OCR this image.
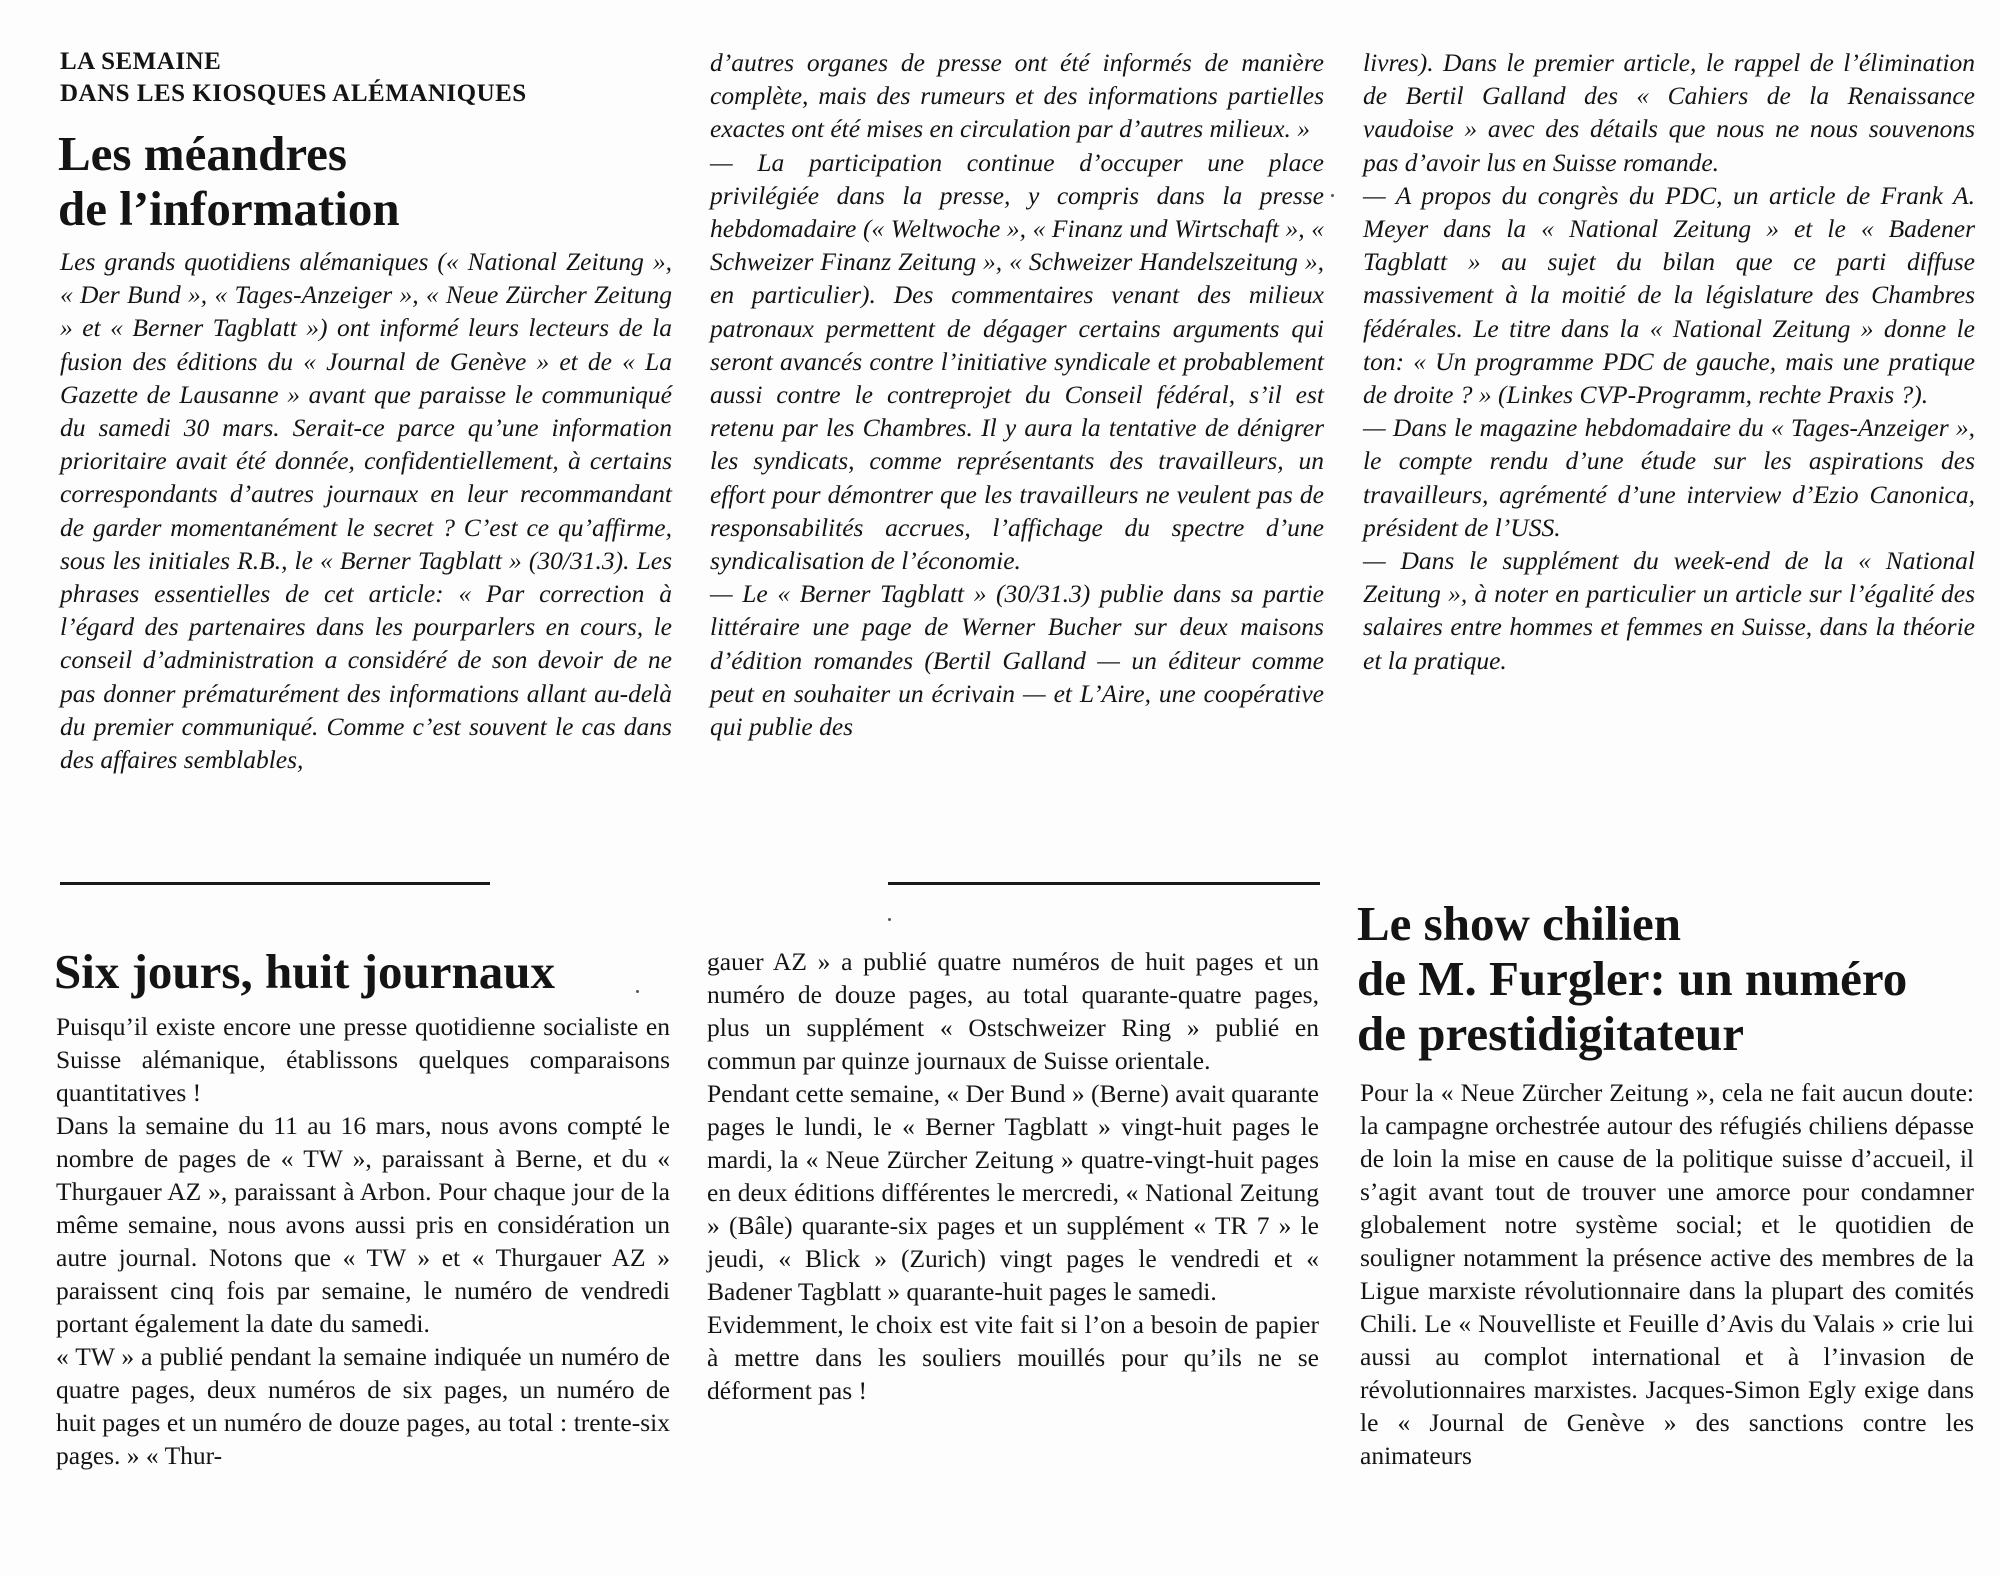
LA SEMAINE
DANS LES KIOSQUES ALÉMANIQUES
Les méandres
de l’information

Les grands quotidiens alémaniques (« National Zeitung », « Der Bund », « Tages-Anzeiger », « Neue Zürcher Zeitung » et « Berner Tagblatt ») ont informé leurs lecteurs de la fusion des éditions du « Journal de Genève » et de « La Gazette de Lausanne » avant que paraisse le communiqué du samedi 30 mars. Serait-ce parce qu’une information prioritaire avait été donnée, confidentiellement, à certains correspondants d’autres journaux en leur recommandant de garder momentanément le secret ? C’est ce qu’affirme, sous les initiales R.B., le « Berner Tagblatt » (30/31.3). Les phrases essentielles de cet article: « Par correction à l’égard des partenaires dans les pourparlers en cours, le conseil d’administration a considéré de son devoir de ne pas donner prématurément des informations allant au-delà du premier communiqué. Comme c’est souvent le cas dans des affaires semblables,

d’autres organes de presse ont été informés de manière complète, mais des rumeurs et des informations partielles exactes ont été mises en circulation par d’autres milieux. »

— La participation continue d’occuper une place privilégiée dans la presse, y compris dans la presse hebdomadaire (« Weltwoche », « Finanz und Wirtschaft », « Schweizer Finanz Zeitung », « Schweizer Handelszeitung », en particulier). Des commentaires venant des milieux patronaux permettent de dégager certains arguments qui seront avancés contre l’initiative syndicale et probablement aussi contre le contreprojet du Conseil fédéral, s’il est retenu par les Chambres. Il y aura la tentative de dénigrer les syndicats, comme représentants des travailleurs, un effort pour démontrer que les travailleurs ne veulent pas de responsabilités accrues, l’affichage du spectre d’une syndicalisation de l’économie.

— Le « Berner Tagblatt » (30/31.3) publie dans sa partie littéraire une page de Werner Bucher sur deux maisons d’édition romandes (Bertil Galland — un éditeur comme peut en souhaiter un écrivain — et L’Aire, une coopérative qui publie des

livres). Dans le premier article, le rappel de l’élimination de Bertil Galland des « Cahiers de la Renaissance vaudoise » avec des détails que nous ne nous souvenons pas d’avoir lus en Suisse romande.

— A propos du congrès du PDC, un article de Frank A. Meyer dans la « National Zeitung » et le « Badener Tagblatt » au sujet du bilan que ce parti diffuse massivement à la moitié de la législature des Chambres fédérales. Le titre dans la « National Zeitung » donne le ton: « Un programme PDC de gauche, mais une pratique de droite ? » (Linkes CVP-Programm, rechte Praxis ?).

— Dans le magazine hebdomadaire du « Tages-Anzeiger », le compte rendu d’une étude sur les aspirations des travailleurs, agrémenté d’une interview d’Ezio Canonica, président de l’USS.

— Dans le supplément du week-end de la « National Zeitung », à noter en particulier un article sur l’égalité des salaires entre hommes et femmes en Suisse, dans la théorie et la pratique.

Six jours, huit journaux

Puisqu’il existe encore une presse quotidienne socialiste en Suisse alémanique, établissons quelques comparaisons quantitatives !

Dans la semaine du 11 au 16 mars, nous avons compté le nombre de pages de « TW », paraissant à Berne, et du « Thurgauer AZ », paraissant à Arbon. Pour chaque jour de la même semaine, nous avons aussi pris en considération un autre journal. Notons que « TW » et « Thurgauer AZ » paraissent cinq fois par semaine, le numéro de vendredi portant également la date du samedi.

« TW » a publié pendant la semaine indiquée un numéro de quatre pages, deux numéros de six pages, un numéro de huit pages et un numéro de douze pages, au total : trente-six pages. » « Thur-

gauer AZ » a publié quatre numéros de huit pages et un numéro de douze pages, au total quarante-quatre pages, plus un supplément « Ostschweizer Ring » publié en commun par quinze journaux de Suisse orientale.

Pendant cette semaine, « Der Bund » (Berne) avait quarante pages le lundi, le « Berner Tagblatt » vingt-huit pages le mardi, la « Neue Zürcher Zeitung » quatre-vingt-huit pages en deux éditions différentes le mercredi, « National Zeitung » (Bâle) quarante-six pages et un supplément « TR 7 » le jeudi, « Blick » (Zurich) vingt pages le vendredi et « Badener Tagblatt » quarante-huit pages le samedi.

Evidemment, le choix est vite fait si l’on a besoin de papier à mettre dans les souliers mouillés pour qu’ils ne se déforment pas !

Le show chilien
de M. Furgler: un numéro
de prestidigitateur

Pour la « Neue Zürcher Zeitung », cela ne fait aucun doute: la campagne orchestrée autour des réfugiés chiliens dépasse de loin la mise en cause de la politique suisse d’accueil, il s’agit avant tout de trouver une amorce pour condamner globalement notre système social; et le quotidien de souligner notamment la présence active des membres de la Ligue marxiste révolutionnaire dans la plupart des comités Chili. Le « Nouvelliste et Feuille d’Avis du Valais » crie lui aussi au complot international et à l’invasion de révolutionnaires marxistes. Jacques-Simon Egly exige dans le « Journal de Genève » des sanctions contre les animateurs
